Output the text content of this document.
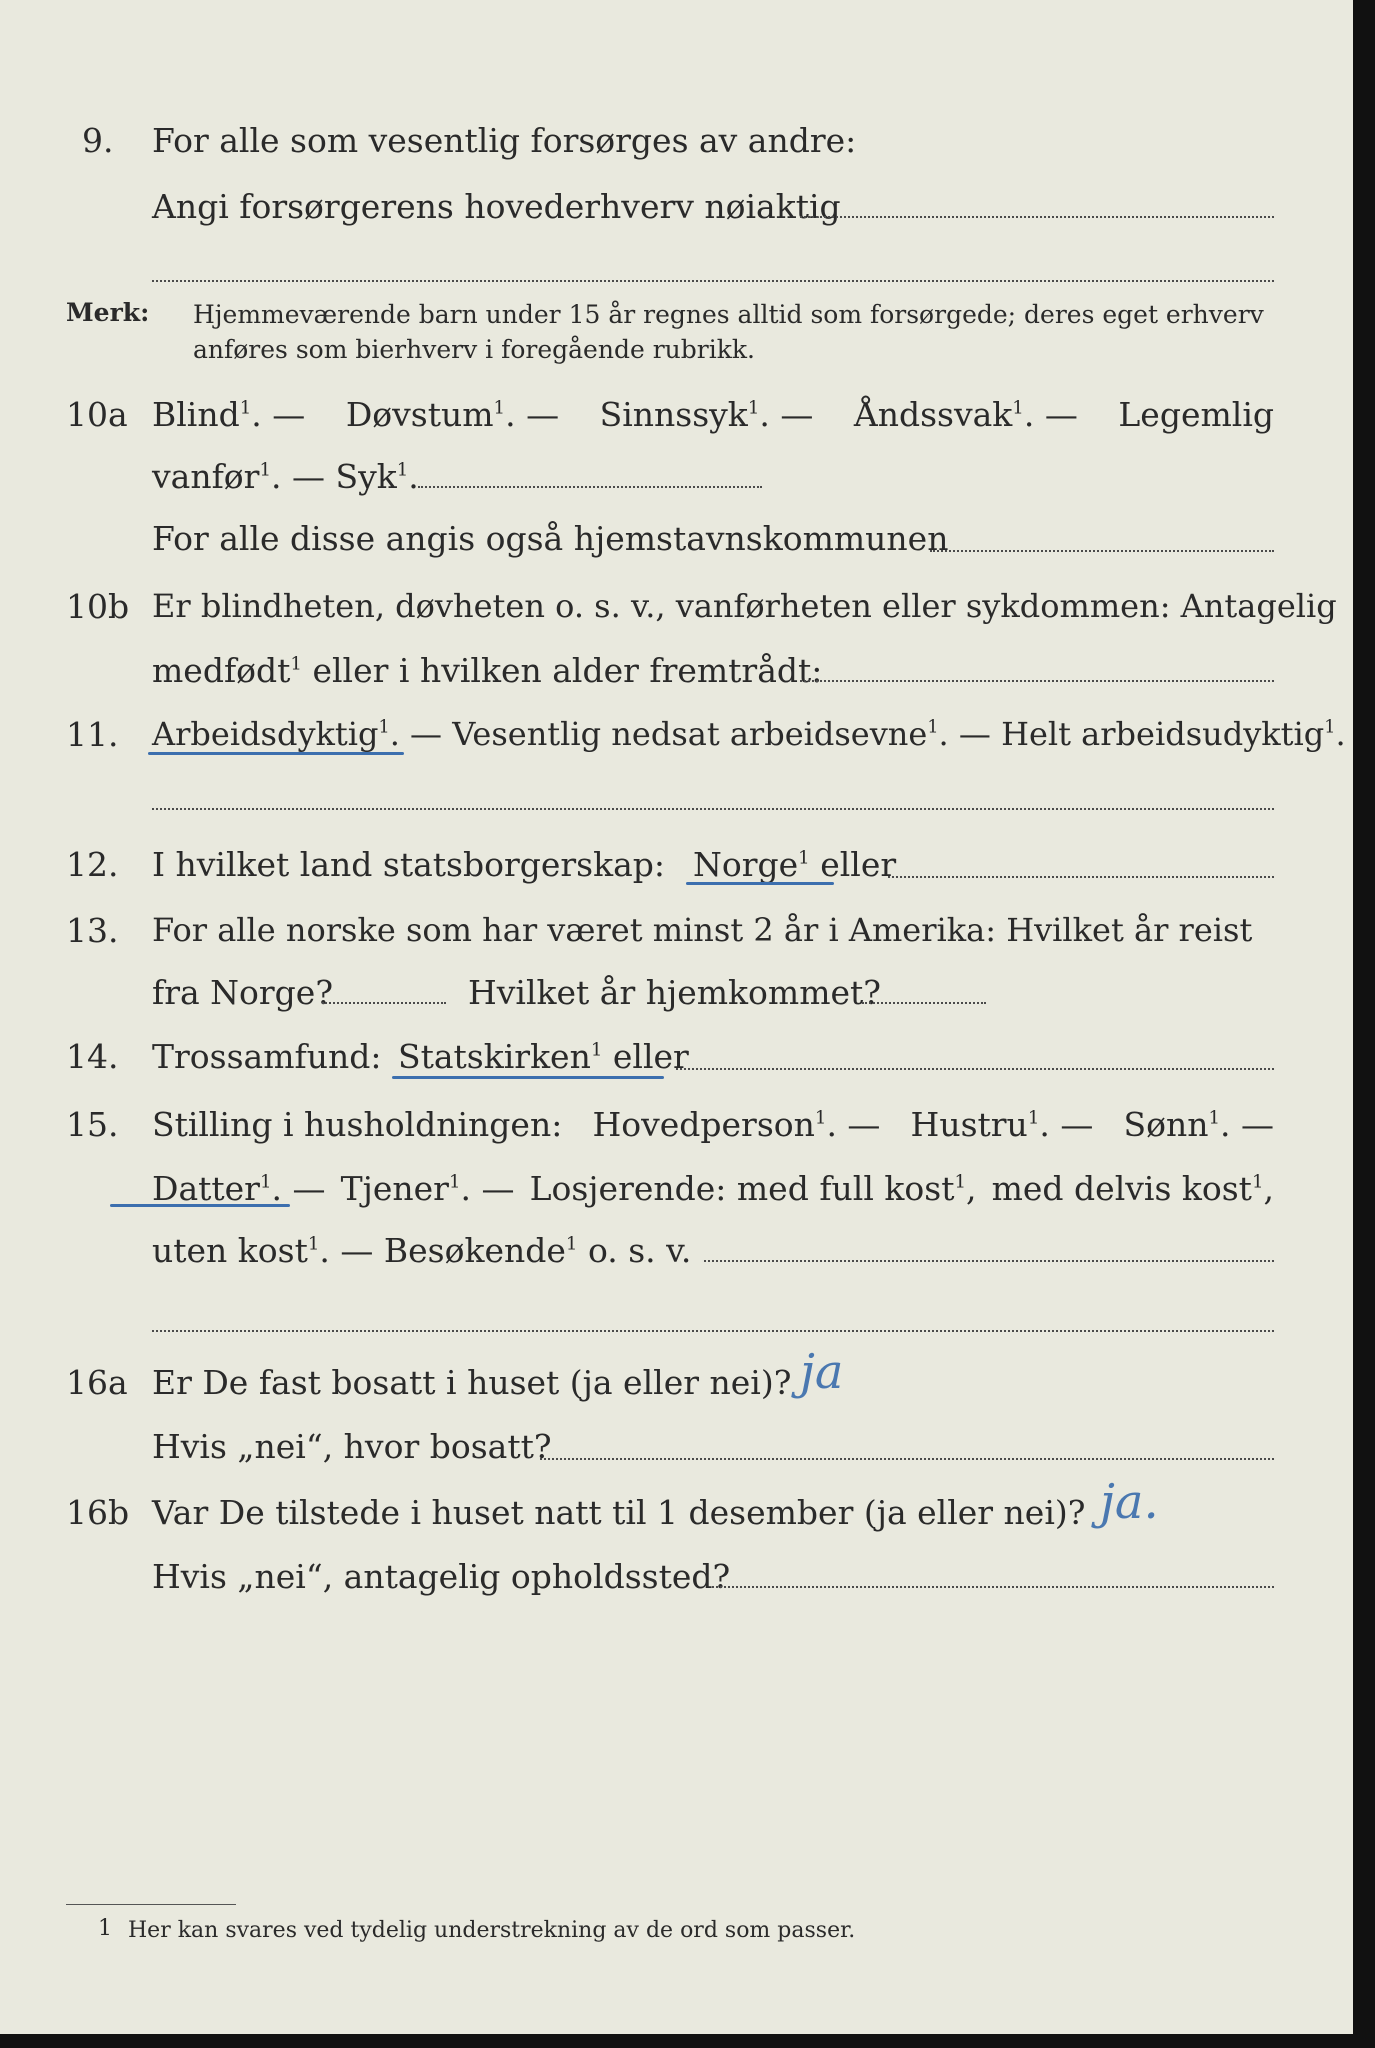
9. For alle som vesentlig forsørges av andre:
Angi forsørgerens hovederhverv nøiaktig
Merk: Hjemmeværende barn under 15 år regnes alltid som forsørgede; deres eget erhverv
anføres som bierhverv i foregående rubrikk.
10a Blind$^1$. — Døvstum$^1$. — Sinnssyk$^1$. — Åndssvak$^1$. — Legemlig
vanfør$^1$. — Syk$^1$.
For alle disse angis også hjemstavnskommunen
10b Er blindheten, døvheten o. s. v., vanførheten eller sykdommen: Antagelig
medfødt$^1$ eller i hvilken alder fremtrådt:
11. Arbeidsdyktig$^1$. — Vesentlig nedsat arbeidsevne$^1$. — Helt arbeidsudyktig$^1$.
12. I hvilket land statsborgerskap: Norge$^1$ eller
13. For alle norske som har været minst 2 år i Amerika: Hvilket år reist
fra Norge?	Hvilket år hjemkommet?
14. Trossamfund: Statskirken$^1$ eller
15. Stilling i husholdningen: Hovedperson$^1$. — Hustru$^1$. — Sønn$^1$. —
Datter$^1$. — Tjener$^1$. — Losjerende: med full kost$^1$, med delvis kost$^1$,
uten kost$^1$. — Besøkende$^1$ o. s. v.
16a Er De fast bosatt i huset (ja eller nei)? ja
Hvis „nei“, hvor bosatt?
16b Var De tilstede i huset natt til 1 desember (ja eller nei)? ja.
Hvis „nei“, antagelig opholdssted?
1 Her kan svares ved tydelig understrekning av de ord som passer.
